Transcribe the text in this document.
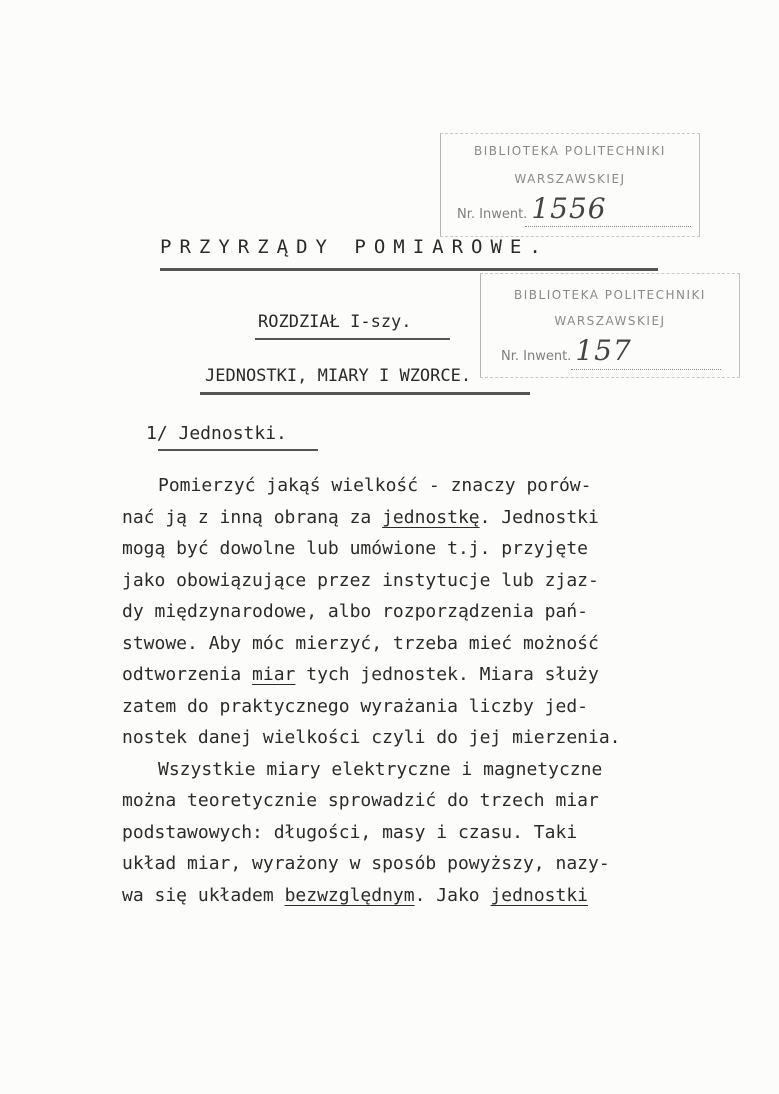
BIBLIOTEKA POLITECHNIKI
WARSZAWSKIEJ
Nr. Inwent. 1556
BIBLIOTEKA POLITECHNIKI
WARSZAWSKIEJ
Nr. Inwent. 157
PRZYRZĄDY POMIAROWE.
ROZDZIAŁ I-szy.
JEDNOSTKI, MIARY I WZORCE.
1/ Jednostki.
Pomierzyć jakąś wielkość - znaczy porów-
nać ją z inną obraną za jednostkę. Jednostki
mogą być dowolne lub umówione t.j. przyjęte
jako obowiązujące przez instytucje lub zjaz-
dy międzynarodowe, albo rozporządzenia pań-
stwowe. Aby móc mierzyć, trzeba mieć możność
odtworzenia miar tych jednostek. Miara służy
zatem do praktycznego wyrażania liczby jed-
nostek danej wielkości czyli do jej mierzenia.
Wszystkie miary elektryczne i magnetyczne
można teoretycznie sprowadzić do trzech miar
podstawowych: długości, masy i czasu. Taki
układ miar, wyrażony w sposób powyższy, nazy-
wa się układem bezwzględnym. Jako jednostki
